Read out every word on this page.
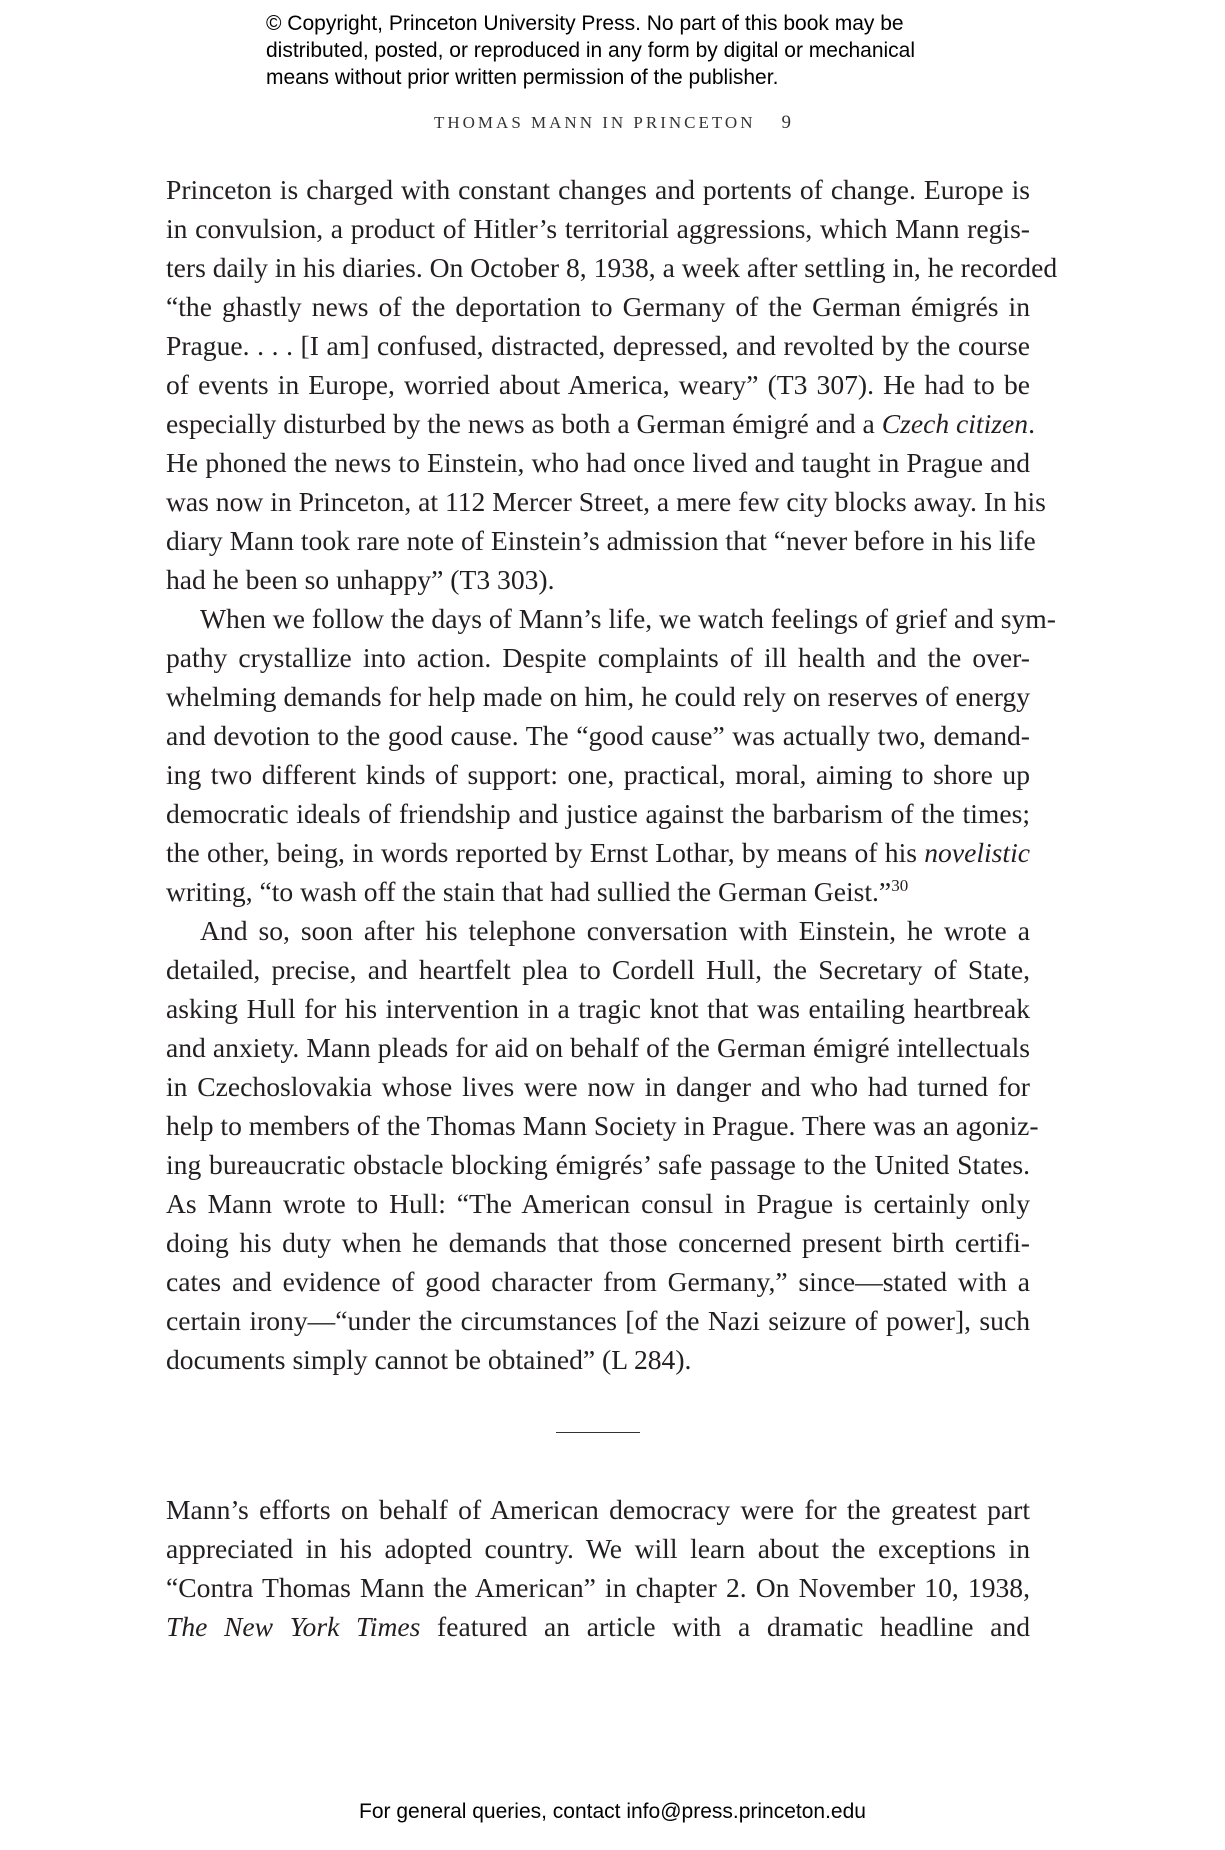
© Copyright, Princeton University Press. No part of this book may be
distributed, posted, or reproduced in any form by digital or mechanical
means without prior written permission of the publisher.
THOMAS MANN IN PRINCETON 9
Princeton is charged with constant changes and portents of change. Europe is
in convulsion, a product of Hitler’s territorial aggressions, which Mann regis-
ters daily in his diaries. On October 8, 1938, a week after settling in, he recorded
“the ghastly news of the deportation to Germany of the German émigrés in
Prague. . . . [I am] confused, distracted, depressed, and revolted by the course
of events in Europe, worried about America, weary” (T3 307). He had to be
especially disturbed by the news as both a German émigré and a Czech citizen.
He phoned the news to Einstein, who had once lived and taught in Prague and
was now in Princeton, at 112 Mercer Street, a mere few city blocks away. In his
diary Mann took rare note of Einstein’s admission that “never before in his life
had he been so unhappy” (T3 303).
When we follow the days of Mann’s life, we watch feelings of grief and sym-
pathy crystallize into action. Despite complaints of ill health and the over-
whelming demands for help made on him, he could rely on reserves of energy
and devotion to the good cause. The “good cause” was actually two, demand-
ing two different kinds of support: one, practical, moral, aiming to shore up
democratic ideals of friendship and justice against the barbarism of the times;
the other, being, in words reported by Ernst Lothar, by means of his novelistic
writing, “to wash off the stain that had sullied the German Geist.”$^{30}$
And so, soon after his telephone conversation with Einstein, he wrote a
detailed, precise, and heartfelt plea to Cordell Hull, the Secretary of State,
asking Hull for his intervention in a tragic knot that was entailing heartbreak
and anxiety. Mann pleads for aid on behalf of the German émigré intellectuals
in Czechoslovakia whose lives were now in danger and who had turned for
help to members of the Thomas Mann Society in Prague. There was an agoniz-
ing bureaucratic obstacle blocking émigrés’ safe passage to the United States.
As Mann wrote to Hull: “The American consul in Prague is certainly only
doing his duty when he demands that those concerned present birth certifi-
cates and evidence of good character from Germany,” since—stated with a
certain irony—“under the circumstances [of the Nazi seizure of power], such
documents simply cannot be obtained” (L 284).
Mann’s efforts on behalf of American democracy were for the greatest part
appreciated in his adopted country. We will learn about the exceptions in
“Contra Thomas Mann the American” in chapter 2. On November 10, 1938,
The New York Times featured an article with a dramatic headline and
For general queries, contact info@press.princeton.edu
